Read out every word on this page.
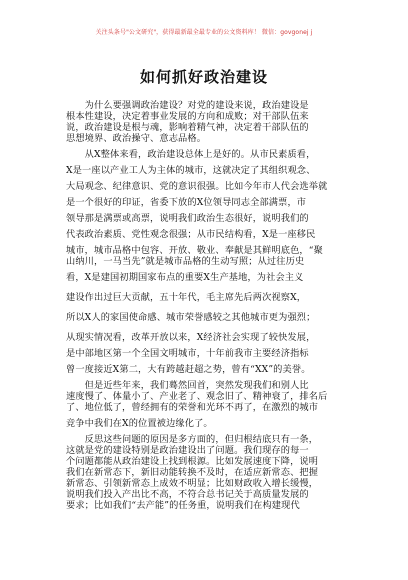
关注头条号"公文研究"，获得最新最全最专业的公文资料库！ 微信：govgonej j
如何抓好政治建设
　　为什么要强调政治建设？对党的建设来说，政治建设是
根本性建设，决定着事业发展的方向和成败；对干部队伍来
说，政治建设是根与魂，影响着精气神，决定着干部队伍的
思想境界、政治操守、意志品格。
　　从X整体来看，政治建设总体上是好的。从市民素质看，
X是一座以产业工人为主体的城市，这就决定了其组织观念、
大局观念、纪律意识、党的意识很强。比如今年市人代会选举就
是一个很好的印证，省委下放的X位领导同志全部满票，市
领导那是满票或高票，说明我们政治生态很好，说明我们的
代表政治素质、党性观念很强；从市民结构看，X是一座移民
城市，城市品格中包容、开放、敬业、奉献是其鲜明底色，“聚
山纳川，一马当先”就是城市品格的生动写照；从过往历史
看，X是建国初期国家布点的重要X生产基地，为社会主义
建设作出过巨大贡献，五十年代，毛主席先后两次视察X，
所以X人的家国使命感、城市荣誉感较之其他城市更为强烈；
从现实情况看，改革开放以来，X经济社会实现了较快发展，
是中部地区第一个全国文明城市，十年前我市主要经济指标
曾一度接近X第二，大有跨越赶超之势，曾有“XX”的美誉。
　　但是近些年来，我们蓦然回首，突然发现我们和别人比
速度慢了、体量小了、产业老了、观念旧了、精神衰了，排名后
了、地位低了，曾经拥有的荣誉和光环不再了，在激烈的城市
竞争中我们在X的位置被边缘化了。
　　反思这些问题的原因是多方面的，但归根结底只有一条，
这就是党的建设特别是政治建设出了问题。我们现存的每一
个问题都能从政治建设上找到根源。比如发展速度下降，说明
我们在新常态下，新旧动能转换不及时，在适应新常态、把握
新常态、引领新常态上成效不明显；比如财政收入增长缓慢，
说明我们投入产出比不高，不符合总书记关于高质量发展的
要求；比如我们“去产能”的任务重，说明我们在构建现代
